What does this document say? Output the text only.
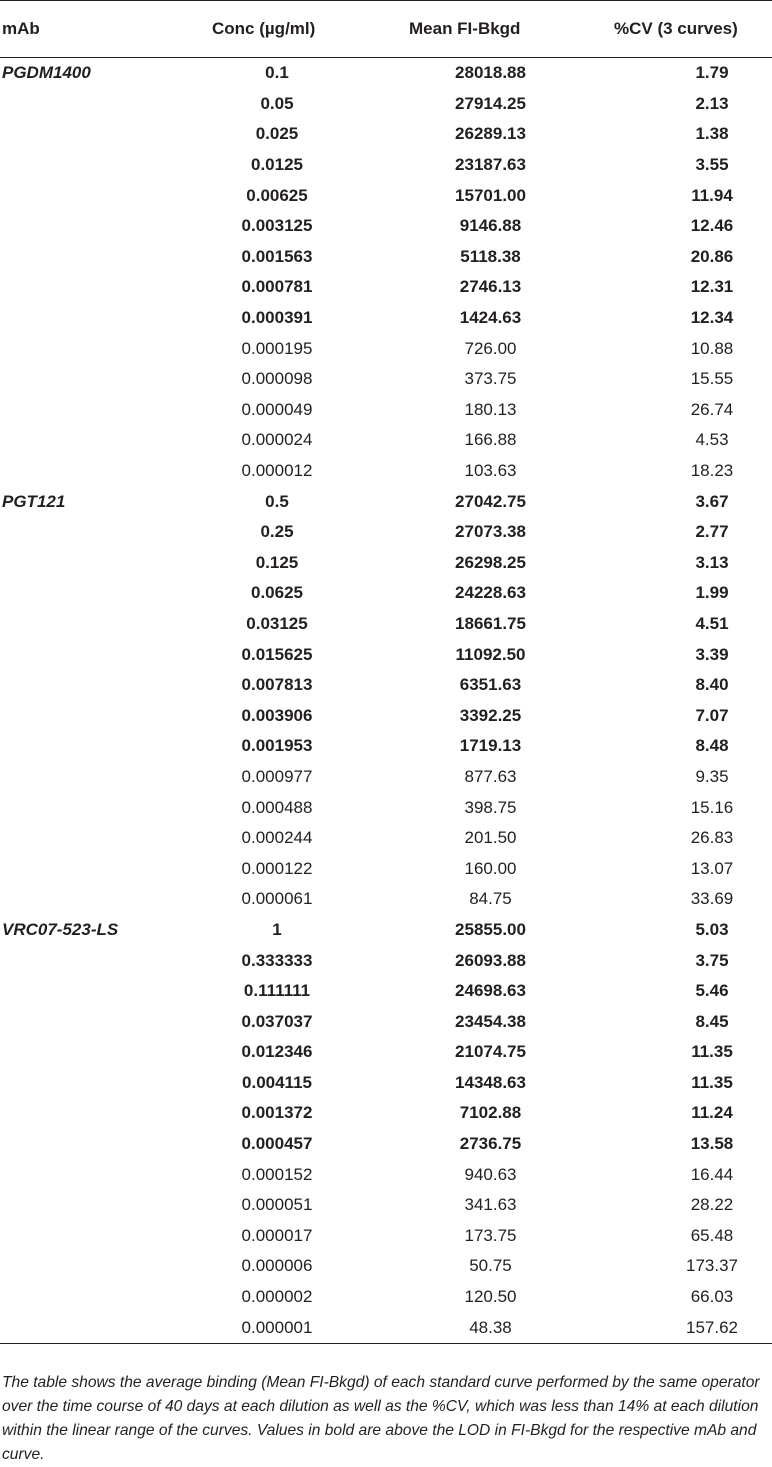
mAb	Conc (µg/ml)	Mean FI-Bkgd	%CV (3 curves)
PGDM1400	0.1	28018.88	1.79
	0.05	27914.25	2.13
	0.025	26289.13	1.38
	0.0125	23187.63	3.55
	0.00625	15701.00	11.94
	0.003125	9146.88	12.46
	0.001563	5118.38	20.86
	0.000781	2746.13	12.31
	0.000391	1424.63	12.34
	0.000195	726.00	10.88
	0.000098	373.75	15.55
	0.000049	180.13	26.74
	0.000024	166.88	4.53
	0.000012	103.63	18.23
PGT121	0.5	27042.75	3.67
	0.25	27073.38	2.77
	0.125	26298.25	3.13
	0.0625	24228.63	1.99
	0.03125	18661.75	4.51
	0.015625	11092.50	3.39
	0.007813	6351.63	8.40
	0.003906	3392.25	7.07
	0.001953	1719.13	8.48
	0.000977	877.63	9.35
	0.000488	398.75	15.16
	0.000244	201.50	26.83
	0.000122	160.00	13.07
	0.000061	84.75	33.69
VRC07-523-LS	1	25855.00	5.03
	0.333333	26093.88	3.75
	0.111111	24698.63	5.46
	0.037037	23454.38	8.45
	0.012346	21074.75	11.35
	0.004115	14348.63	11.35
	0.001372	7102.88	11.24
	0.000457	2736.75	13.58
	0.000152	940.63	16.44
	0.000051	341.63	28.22
	0.000017	173.75	65.48
	0.000006	50.75	173.37
	0.000002	120.50	66.03
	0.000001	48.38	157.62

The table shows the average binding (Mean FI-Bkgd) of each standard curve performed by the same operator over the time course of 40 days at each dilution as well as the %CV, which was less than 14% at each dilution within the linear range of the curves. Values in bold are above the LOD in FI-Bkgd for the respective mAb and curve.
